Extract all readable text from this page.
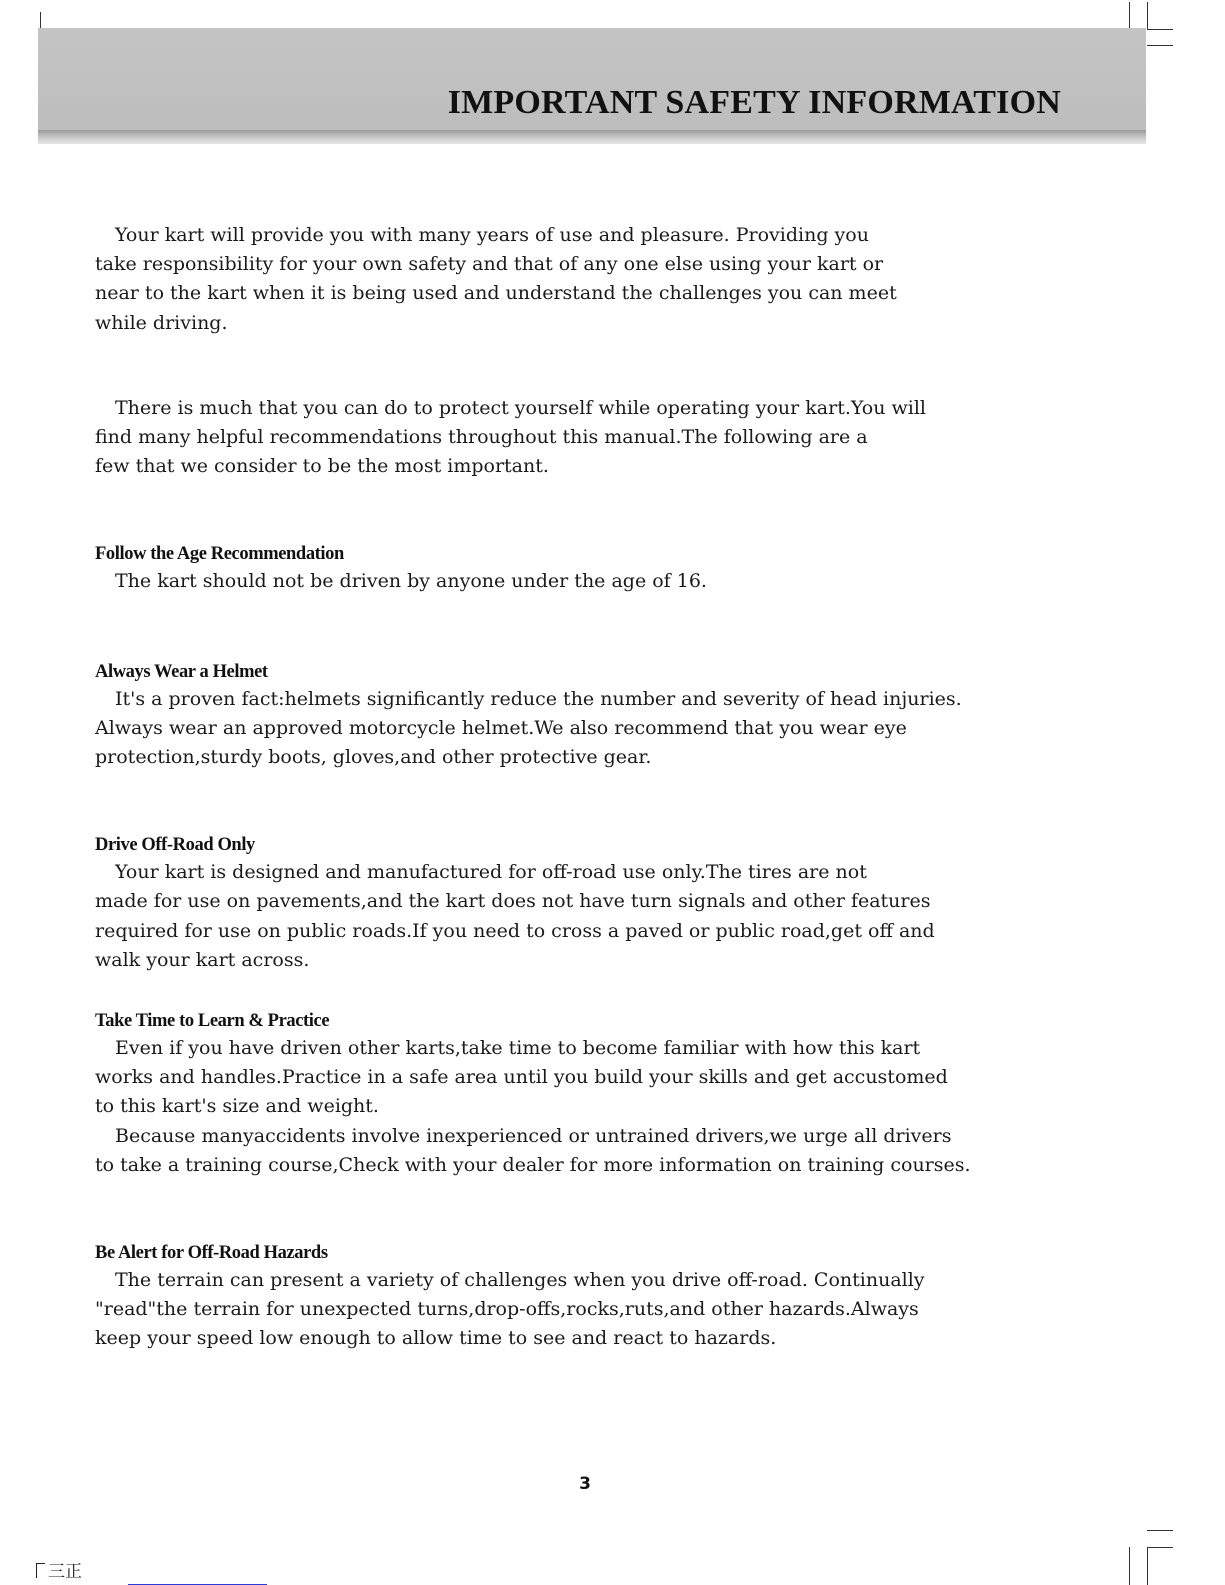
IMPORTANT SAFETY INFORMATION

Your kart will provide you with many years of use and pleasure. Providing you
take responsibility for your own safety and that of any one else using your kart or
near to the kart when it is being used and understand the challenges you can meet
while driving.

There is much that you can do to protect yourself while operating your kart.You will
find many helpful recommendations throughout this manual.The following are a
few that we consider to be the most important.

Follow the Age Recommendation

The kart should not be driven by anyone under the age of 16.

Always Wear a Helmet

It's a proven fact:helmets significantly reduce the number and severity of head injuries.
Always wear an approved motorcycle helmet.We also recommend that you wear eye
protection,sturdy boots, gloves,and other protective gear.

Drive Off-Road Only

Your kart is designed and manufactured for off-road use only.The tires are not
made for use on pavements,and the kart does not have turn signals and other features
required for use on public roads.If you need to cross a paved or public road,get off and
walk your kart across.

Take Time to Learn & Practice

Even if you have driven other karts,take time to become familiar with how this kart
works and handles.Practice in a safe area until you build your skills and get accustomed
to this kart's size and weight.
Because manyaccidents involve inexperienced or untrained drivers,we urge all drivers
to take a training course,Check with your dealer for more information on training courses.

Be Alert for Off-Road Hazards

The terrain can present a variety of challenges when you drive off-road. Continually
"read"the terrain for unexpected turns,drop-offs,rocks,ruts,and other hazards.Always
keep your speed low enough to allow time to see and react to hazards.

3
三正
